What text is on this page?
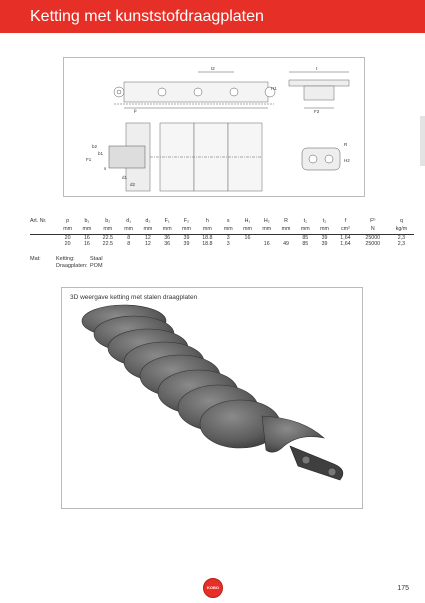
Ketting met kunststofdraagplaten
t2
H1
p
t
F2
b2
b1
F1
s
d1
d2
R
H2
Art. Nr.	p	b₁	b₂	d₁	d₂	F₁	F₂	h	s	H₁	H₂	R	t₁	t₂	f	Fᵇ	q
	mm	mm	mm	mm	mm	mm	mm	mm	mm	mm	mm	mm	mm	mm	cm²	N	kg/m
	20	16	22.5	8	12	36	39	18.8	3	16			85	39	1,64	25000	2,3
	20	16	22.5	8	12	36	39	18.8	3		16	49	85	39	1,64	25000	2,3
Mat:	Ketting:	Staal
Draagplaten: POM
3D weergave ketting met stalen draagplaten
KOBO	175
